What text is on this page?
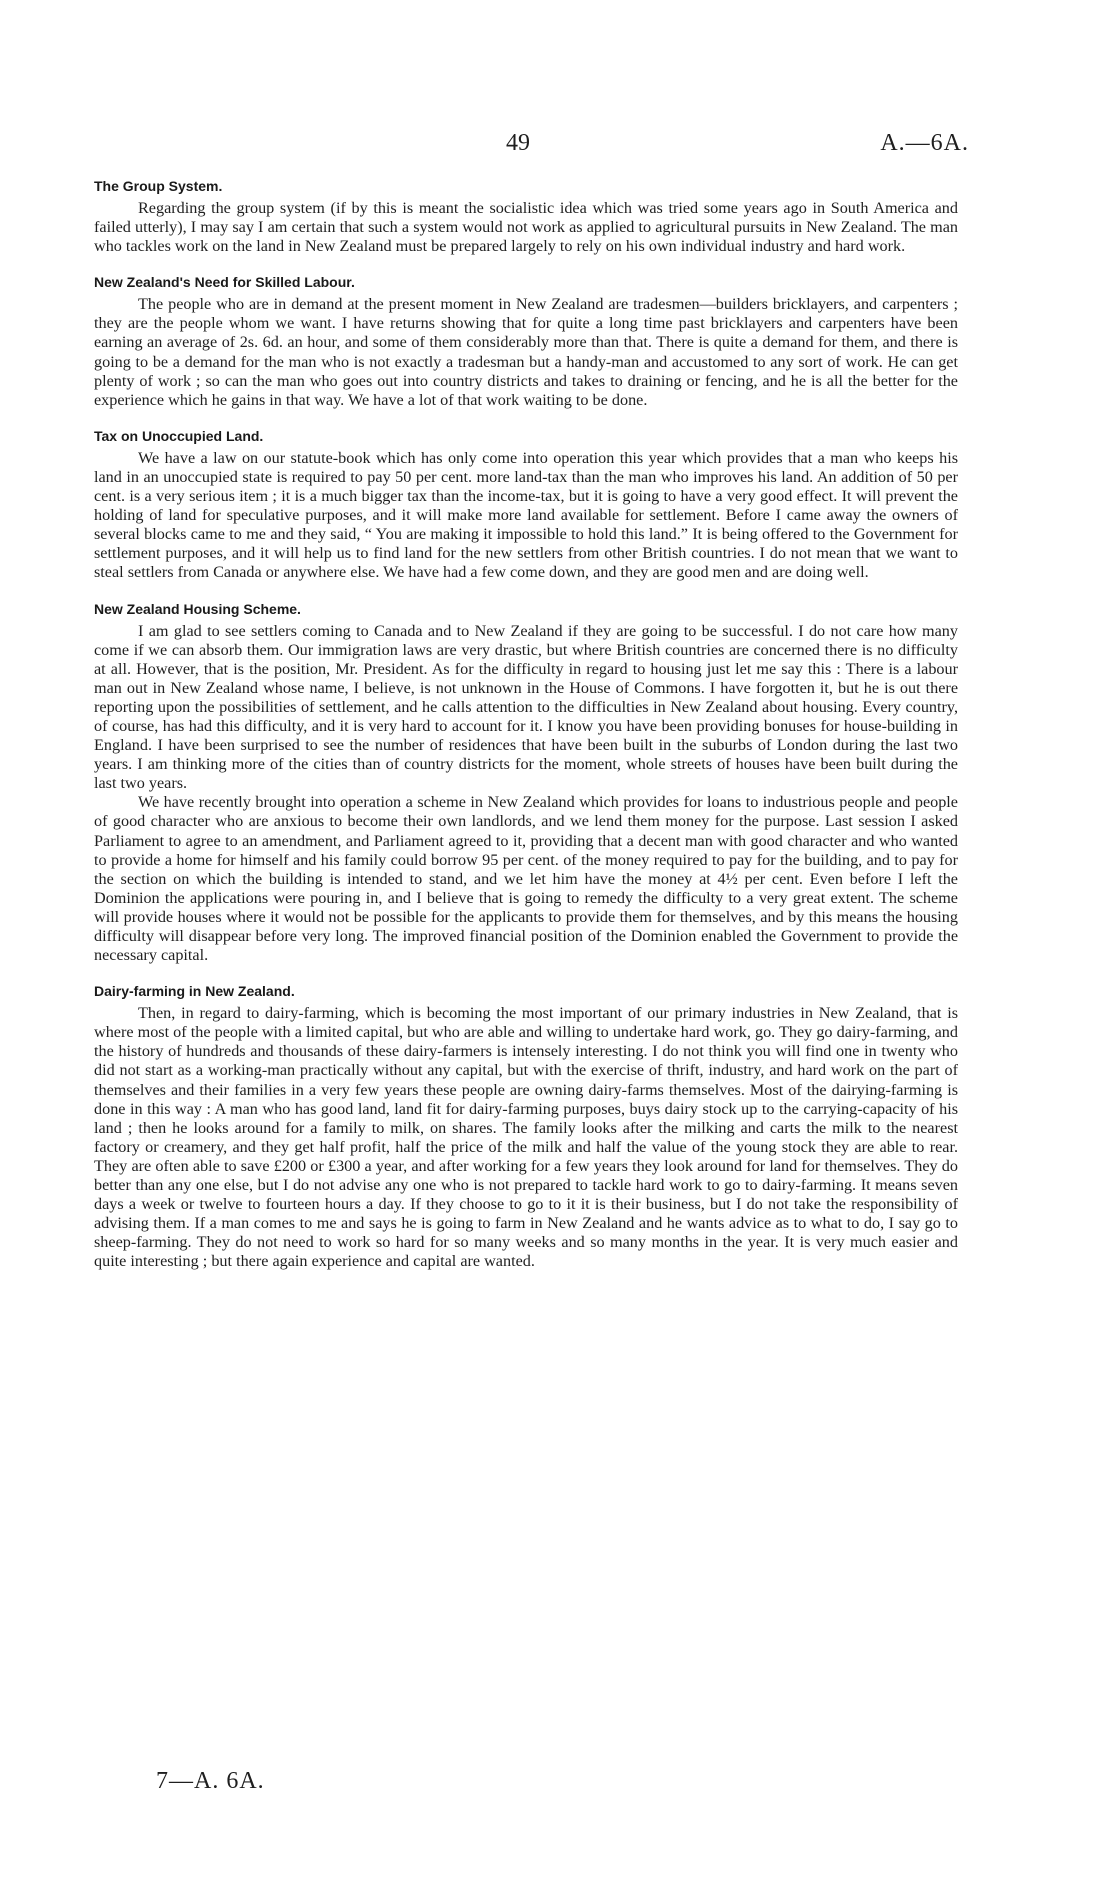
49	A.—6A.
The Group System.

Regarding the group system (if by this is meant the socialistic idea which was tried some years ago in South America and failed utterly), I may say I am certain that such a system would not work as applied to agricultural pursuits in New Zealand. The man who tackles work on the land in New Zealand must be prepared largely to rely on his own individual industry and hard work.

New Zealand's Need for Skilled Labour.

The people who are in demand at the present moment in New Zealand are tradesmen—builders bricklayers, and carpenters ; they are the people whom we want. I have returns showing that for quite a long time past bricklayers and carpenters have been earning an average of 2s. 6d. an hour, and some of them considerably more than that. There is quite a demand for them, and there is going to be a demand for the man who is not exactly a tradesman but a handy-man and accustomed to any sort of work. He can get plenty of work ; so can the man who goes out into country districts and takes to draining or fencing, and he is all the better for the experience which he gains in that way. We have a lot of that work waiting to be done.

Tax on Unoccupied Land.

We have a law on our statute-book which has only come into operation this year which provides that a man who keeps his land in an unoccupied state is required to pay 50 per cent. more land-tax than the man who improves his land. An addition of 50 per cent. is a very serious item ; it is a much bigger tax than the income-tax, but it is going to have a very good effect. It will prevent the holding of land for speculative purposes, and it will make more land available for settlement. Before I came away the owners of several blocks came to me and they said, “ You are making it impossible to hold this land.” It is being offered to the Government for settlement purposes, and it will help us to find land for the new settlers from other British countries. I do not mean that we want to steal settlers from Canada or anywhere else. We have had a few come down, and they are good men and are doing well.

New Zealand Housing Scheme.

I am glad to see settlers coming to Canada and to New Zealand if they are going to be successful. I do not care how many come if we can absorb them. Our immigration laws are very drastic, but where British countries are concerned there is no difficulty at all. However, that is the position, Mr. President. As for the difficulty in regard to housing just let me say this : There is a labour man out in New Zealand whose name, I believe, is not unknown in the House of Commons. I have forgotten it, but he is out there reporting upon the possibilities of settlement, and he calls attention to the difficulties in New Zealand about housing. Every country, of course, has had this difficulty, and it is very hard to account for it. I know you have been providing bonuses for house-building in England. I have been surprised to see the number of residences that have been built in the suburbs of London during the last two years. I am thinking more of the cities than of country districts for the moment, whole streets of houses have been built during the last two years.

We have recently brought into operation a scheme in New Zealand which provides for loans to industrious people and people of good character who are anxious to become their own landlords, and we lend them money for the purpose. Last session I asked Parliament to agree to an amendment, and Parliament agreed to it, providing that a decent man with good character and who wanted to provide a home for himself and his family could borrow 95 per cent. of the money required to pay for the building, and to pay for the section on which the building is intended to stand, and we let him have the money at 4½ per cent. Even before I left the Dominion the applications were pouring in, and I believe that is going to remedy the difficulty to a very great extent. The scheme will provide houses where it would not be possible for the applicants to provide them for themselves, and by this means the housing difficulty will disappear before very long. The improved financial position of the Dominion enabled the Government to provide the necessary capital.

Dairy-farming in New Zealand.

Then, in regard to dairy-farming, which is becoming the most important of our primary industries in New Zealand, that is where most of the people with a limited capital, but who are able and willing to undertake hard work, go. They go dairy-farming, and the history of hundreds and thousands of these dairy-farmers is intensely interesting. I do not think you will find one in twenty who did not start as a working-man practically without any capital, but with the exercise of thrift, industry, and hard work on the part of themselves and their families in a very few years these people are owning dairy-farms themselves. Most of the dairying-farming is done in this way : A man who has good land, land fit for dairy-farming purposes, buys dairy stock up to the carrying-capacity of his land ; then he looks around for a family to milk, on shares. The family looks after the milking and carts the milk to the nearest factory or creamery, and they get half profit, half the price of the milk and half the value of the young stock they are able to rear. They are often able to save £200 or £300 a year, and after working for a few years they look around for land for themselves. They do better than any one else, but I do not advise any one who is not prepared to tackle hard work to go to dairy-farming. It means seven days a week or twelve to fourteen hours a day. If they choose to go to it it is their business, but I do not take the responsibility of advising them. If a man comes to me and says he is going to farm in New Zealand and he wants advice as to what to do, I say go to sheep-farming. They do not need to work so hard for so many weeks and so many months in the year. It is very much easier and quite interesting ; but there again experience and capital are wanted.

7—A. 6A.
